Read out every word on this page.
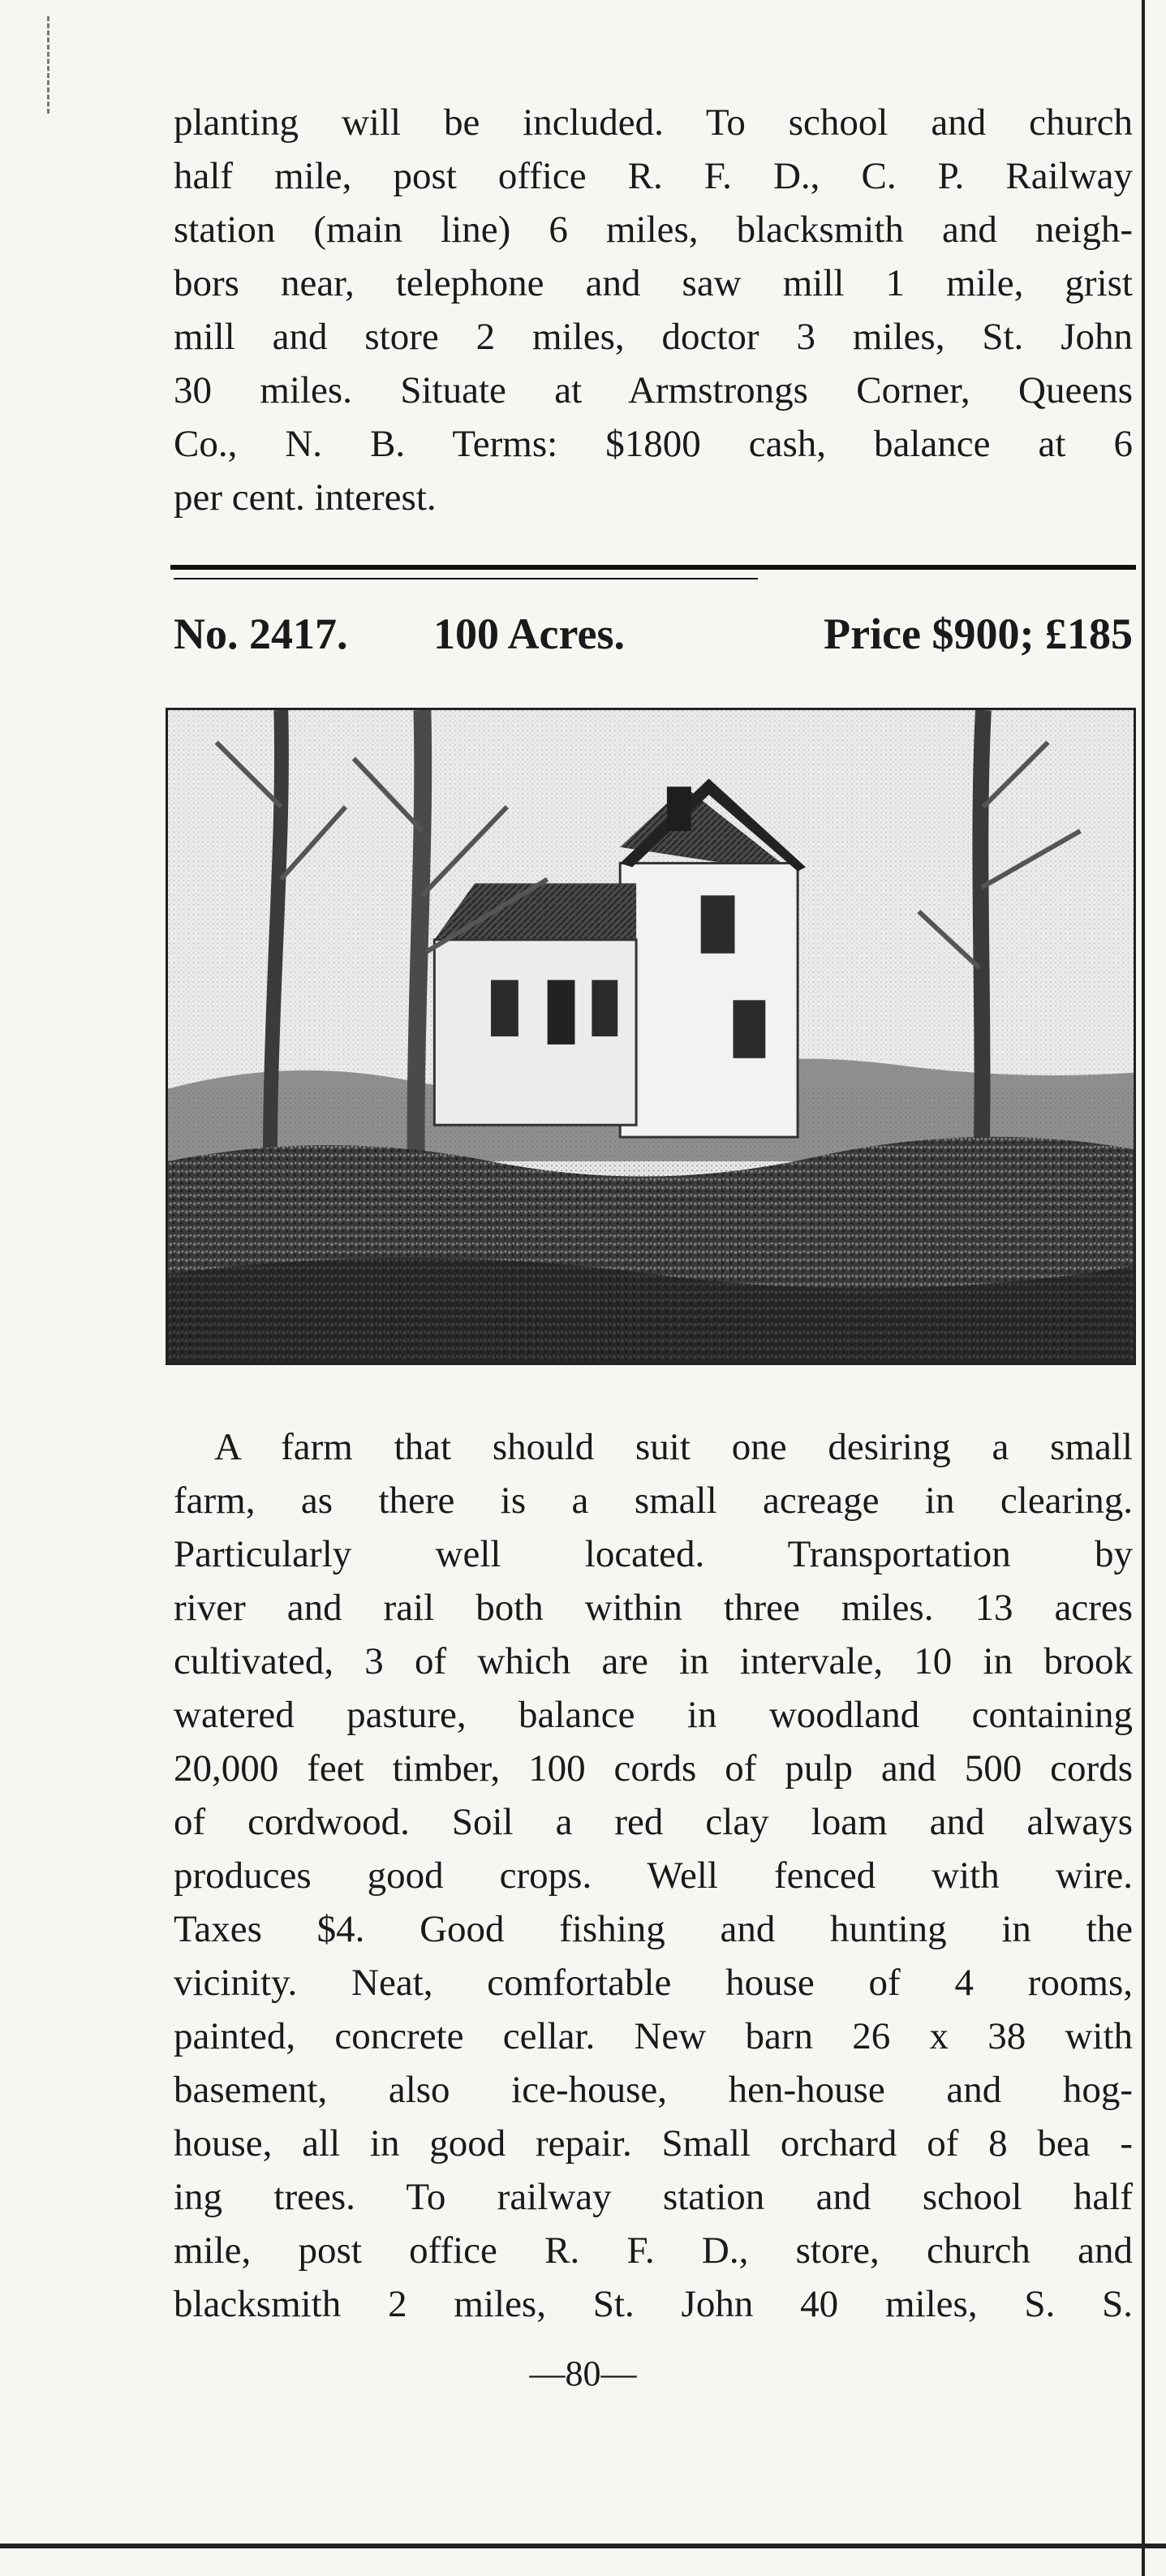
planting will be included. To school and church
half mile, post office R. F. D., C. P. Railway
station (main line) 6 miles, blacksmith and neigh-
bors near, telephone and saw mill 1 mile, grist
mill and store 2 miles, doctor 3 miles, St. John
30 miles. Situate at Armstrongs Corner, Queens
Co., N. B. Terms: $1800 cash, balance at 6
per cent. interest.
No. 2417. 100 Acres.	Price $900; £185
A farm that should suit one desiring a small
farm, as there is a small acreage in clearing.
Particularly well located. Transportation by
river and rail both within three miles. 13 acres
cultivated, 3 of which are in intervale, 10 in brook
watered pasture, balance in woodland containing
20,000 feet timber, 100 cords of pulp and 500 cords
of cordwood. Soil a red clay loam and always
produces good crops. Well fenced with wire.
Taxes $4. Good fishing and hunting in the
vicinity. Neat, comfortable house of 4 rooms,
painted, concrete cellar. New barn 26 x 38 with
basement, also ice-house, hen-house and hog-
house, all in good repair. Small orchard of 8 bea -
ing trees. To railway station and school half
mile, post office R. F. D., store, church and
blacksmith 2 miles, St. John 40 miles, S. S.
—80—
